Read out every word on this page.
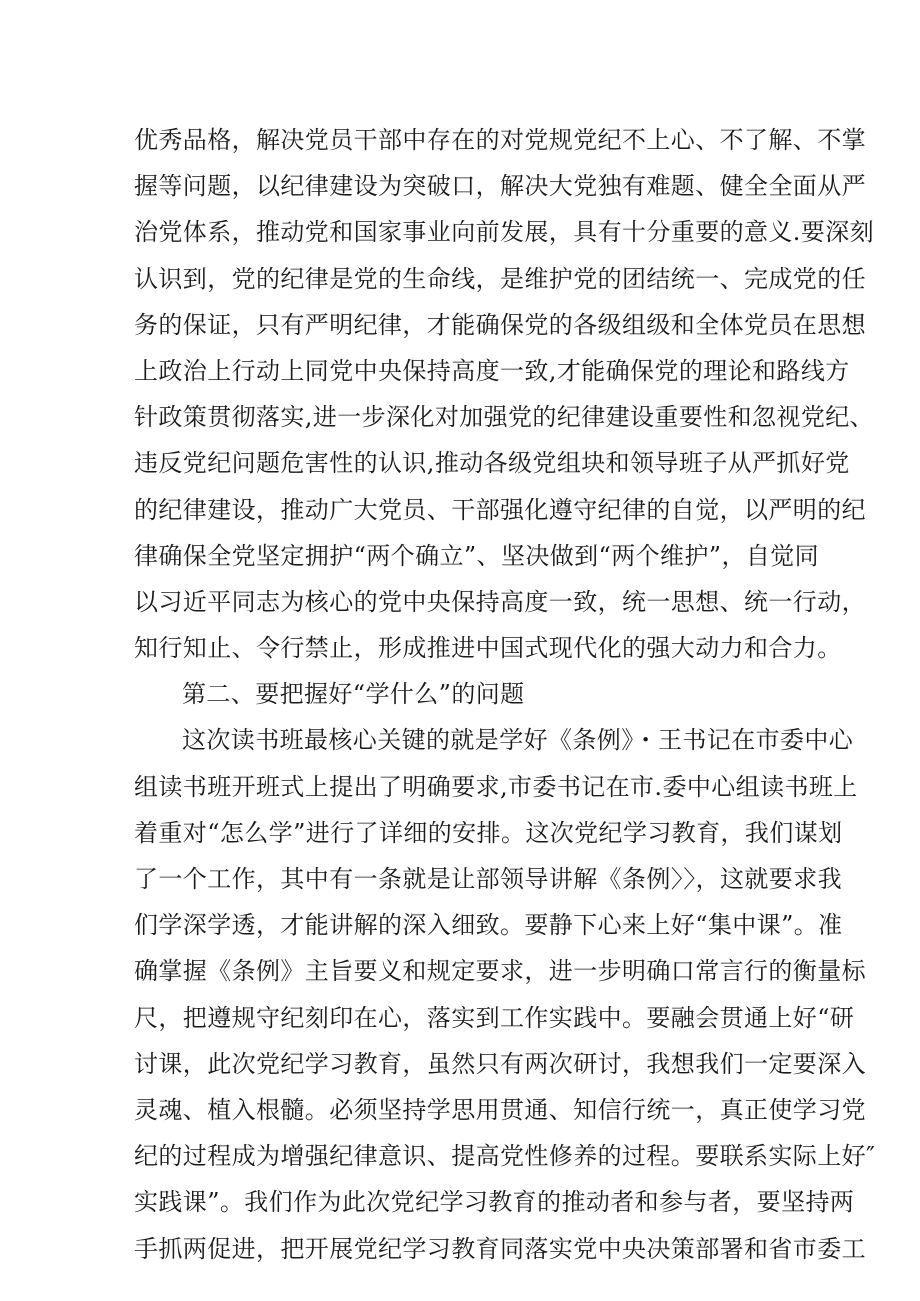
优秀品格，解决党员干部中存在的对党规党纪不上心、不了解、不掌
握等问题，以纪律建设为突破口，解决大党独有难题、健全全面从严
治党体系，推动党和国家事业向前发展，具有十分重要的意义.要深刻
认识到，党的纪律是党的生命线，是维护党的团结统一、完成党的任
务的保证，只有严明纪律，才能确保党的各级组级和全体党员在思想
上政治上行动上同党中央保持高度一致,才能确保党的理论和路线方
针政策贯彻落实,进一步深化对加强党的纪律建设重要性和忽视党纪、
违反党纪问题危害性的认识,推动各级党组块和领导班子从严抓好党
的纪律建设，推动广大党员、干部强化遵守纪律的自觉，以严明的纪
律确保全党坚定拥护“两个确立”、坚决做到“两个维护”，自觉同
以习近平同志为核心的党中央保持高度一致，统一思想、统一行动，
知行知止、令行禁止，形成推进中国式现代化的强大动力和合力。
第二、要把握好“学什么”的问题
这次读书班最核心关键的就是学好《条例》・王书记在市委中心
组读书班开班式上提出了明确要求,市委书记在市.委中心组读书班上
着重对“怎么学”进行了详细的安排。这次党纪学习教育，我们谋划
了一个工作，其中有一条就是让部领导讲解《条例〉〉，这就要求我
们学深学透，才能讲解的深入细致。要静下心来上好“集中课”。准
确掌握《条例》主旨要义和规定要求，进一步明确口常言行的衡量标
尺，把遵规守纪刻印在心，落实到工作实践中。要融会贯通上好“研
讨课，此次党纪学习教育，虽然只有两次研讨，我想我们一定要深入
灵魂、植入根髓。必须坚持学思用贯通、知信行统一，真正使学习党
纪的过程成为增强纪律意识、提高党性修养的过程。要联系实际上好″
实践课”。我们作为此次党纪学习教育的推动者和参与者，要坚持两
手抓两促进，把开展党纪学习教育同落实党中央决策部署和省市委工
